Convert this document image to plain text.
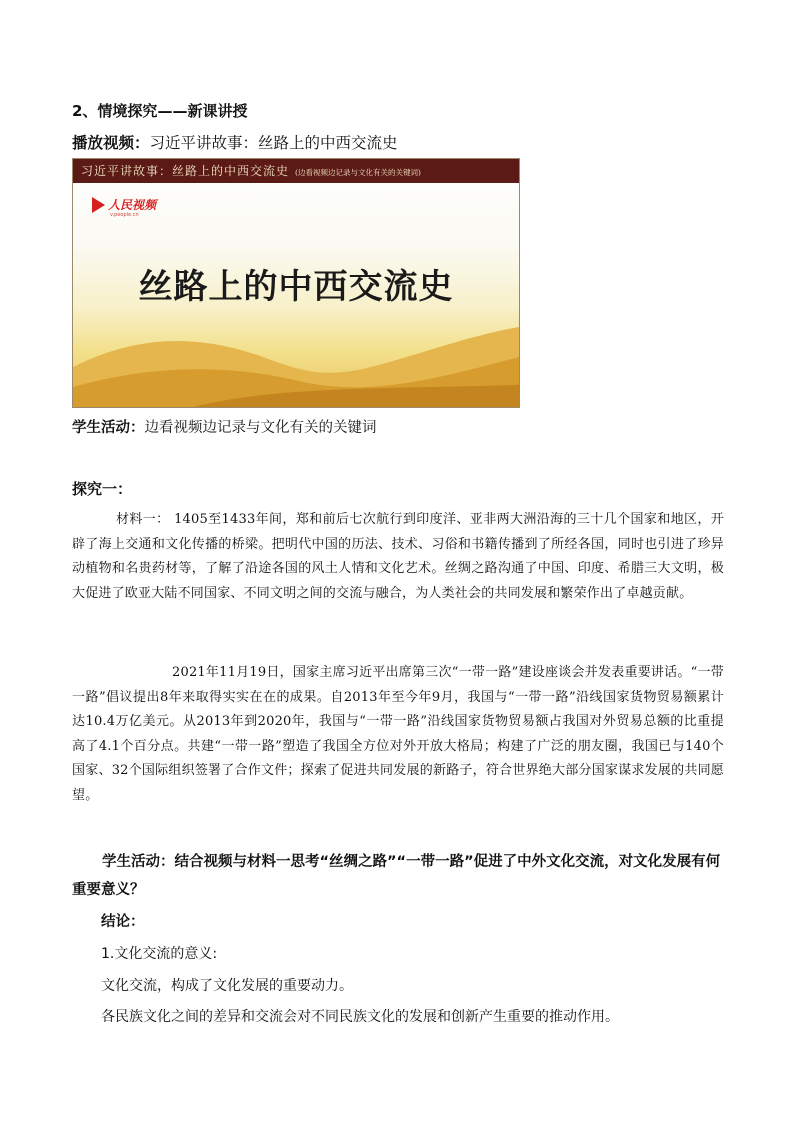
2、情境探究——新课讲授
播放视频：习近平讲故事：丝路上的中西交流史
习近平讲故事：丝路上的中西交流史 (边看视频边记录与文化有关的关键词)
人民视频
v.people.cn
丝路上的中西交流史
学生活动：边看视频边记录与文化有关的关键词
探究一：
材料一： 1405至1433年间，郑和前后七次航行到印度洋、亚非两大洲沿海的三十几个国家和地区，开辟了海上交通和文化传播的桥梁。把明代中国的历法、技术、习俗和书籍传播到了所经各国，同时也引进了珍异动植物和名贵药材等，了解了沿途各国的风土人情和文化艺术。丝绸之路沟通了中国、印度、希腊三大文明，极大促进了欧亚大陆不同国家、不同文明之间的交流与融合，为人类社会的共同发展和繁荣作出了卓越贡献。
2021年11月19日，国家主席习近平出席第三次“一带一路”建设座谈会并发表重要讲话。“一带一路”倡议提出8年来取得实实在在的成果。自2013年至今年9月，我国与“一带一路”沿线国家货物贸易额累计达10.4万亿美元。从2013年到2020年，我国与“一带一路”沿线国家货物贸易额占我国对外贸易总额的比重提高了4.1个百分点。共建“一带一路”塑造了我国全方位对外开放大格局；构建了广泛的朋友圈，我国已与140个国家、32个国际组织签署了合作文件；探索了促进共同发展的新路子，符合世界绝大部分国家谋求发展的共同愿望。
学生活动：结合视频与材料一思考“丝绸之路”“一带一路”促进了中外文化交流，对文化发展有何重要意义？
结论：
1.文化交流的意义:
文化交流，构成了文化发展的重要动力。
各民族文化之间的差异和交流会对不同民族文化的发展和创新产生重要的推动作用。
